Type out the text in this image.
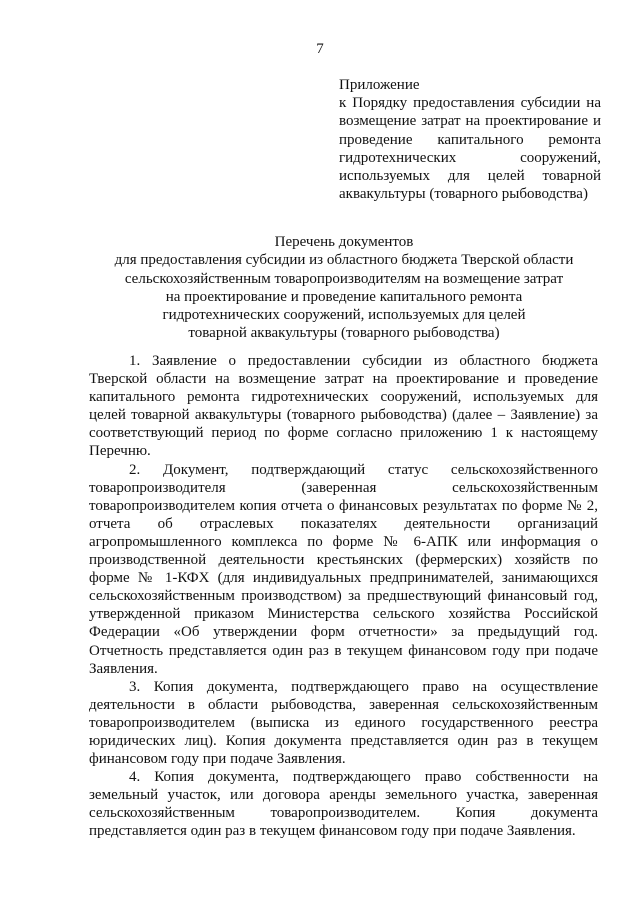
7
Приложение
к Порядку предоставления субсидии на возмещение затрат на проектирование и проведение капитального ремонта гидротехнических сооружений, используемых для целей товарной аквакультуры (товарного рыбоводства)
Перечень документов
для предоставления субсидии из областного бюджета Тверской области
сельскохозяйственным товаропроизводителям на возмещение затрат
на проектирование и проведение капитального ремонта
гидротехнических сооружений, используемых для целей
товарной аквакультуры (товарного рыбоводства)

1. Заявление о предоставлении субсидии из областного бюджета Тверской области на возмещение затрат на проектирование и проведение капитального ремонта гидротехнических сооружений, используемых для целей товарной аквакультуры (товарного рыбоводства) (далее – Заявление) за соответствующий период по форме согласно приложению 1 к настоящему Перечню.

2. Документ, подтверждающий статус сельскохозяйственного товаропроизводителя (заверенная сельскохозяйственным товаропроизводителем копия отчета о финансовых результатах по форме № 2, отчета об отраслевых показателях деятельности организаций агропромышленного комплекса по форме № 6-АПК или информация о производственной деятельности крестьянских (фермерских) хозяйств по форме № 1-КФХ (для индивидуальных предпринимателей, занимающихся сельскохозяйственным производством) за предшествующий финансовый год, утвержденной приказом Министерства сельского хозяйства Российской Федерации «Об утверждении форм отчетности» за предыдущий год. Отчетность представляется один раз в текущем финансовом году при подаче Заявления.

3. Копия документа, подтверждающего право на осуществление деятельности в области рыбоводства, заверенная сельскохозяйственным товаропроизводителем (выписка из единого государственного реестра юридических лиц). Копия документа представляется один раз в текущем финансовом году при подаче Заявления.

4. Копия документа, подтверждающего право собственности на земельный участок, или договора аренды земельного участка, заверенная сельскохозяйственным товаропроизводителем. Копия документа представляется один раз в текущем финансовом году при подаче Заявления.
